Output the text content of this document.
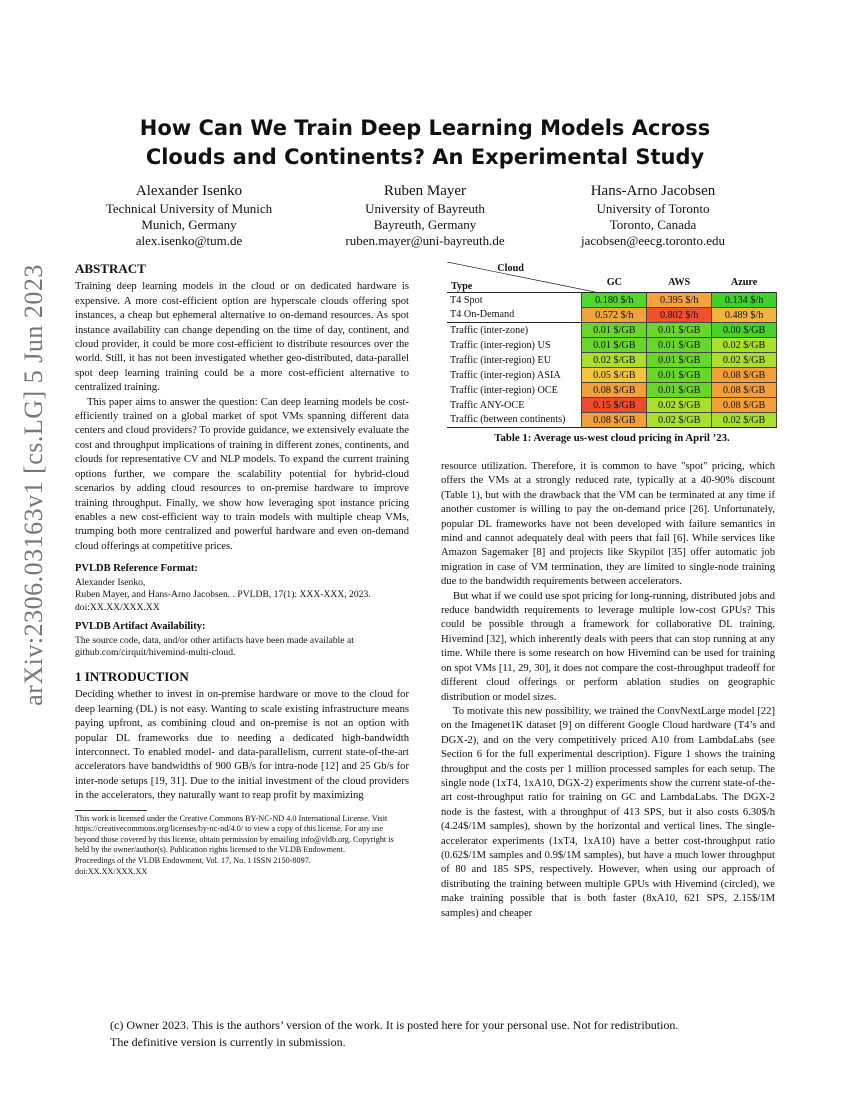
arXiv:2306.03163v1 [cs.LG] 5 Jun 2023
How Can We Train Deep Learning Models Across
Clouds and Continents? An Experimental Study
Alexander Isenko
Technical University of Munich
Munich, Germany
alex.isenko@tum.de
Ruben Mayer
University of Bayreuth
Bayreuth, Germany
ruben.mayer@uni-bayreuth.de
Hans-Arno Jacobsen
University of Toronto
Toronto, Canada
jacobsen@eecg.toronto.edu
ABSTRACT

Training deep learning models in the cloud or on dedicated hardware is expensive. A more cost-efficient option are hyperscale clouds offering spot instances, a cheap but ephemeral alternative to on-demand resources. As spot instance availability can change depending on the time of day, continent, and cloud provider, it could be more cost-efficient to distribute resources over the world. Still, it has not been investigated whether geo-distributed, data-parallel spot deep learning training could be a more cost-efficient alternative to centralized training.

This paper aims to answer the question: Can deep learning models be cost-efficiently trained on a global market of spot VMs spanning different data centers and cloud providers? To provide guidance, we extensively evaluate the cost and throughput implications of training in different zones, continents, and clouds for representative CV and NLP models. To expand the current training options further, we compare the scalability potential for hybrid-cloud scenarios by adding cloud resources to on-premise hardware to improve training throughput. Finally, we show how leveraging spot instance pricing enables a new cost-efficient way to train models with multiple cheap VMs, trumping both more centralized and powerful hardware and even on-demand cloud offerings at competitive prices.

PVLDB Reference Format:
Alexander Isenko,
Ruben Mayer, and Hans-Arno Jacobsen. . PVLDB, 17(1): XXX-XXX, 2023.
doi:XX.XX/XXX.XX
PVLDB Artifact Availability:
The source code, data, and/or other artifacts have been made available at github.com/cirquit/hivemind-multi-cloud.
1 INTRODUCTION

Deciding whether to invest in on-premise hardware or move to the cloud for deep learning (DL) is not easy. Wanting to scale existing infrastructure means paying upfront, as combining cloud and on-premise is not an option with popular DL frameworks due to needing a dedicated high-bandwidth interconnect. To enabled model- and data-parallelism, current state-of-the-art accelerators have bandwidths of 900 GB/s for intra-node [12] and 25 Gb/s for inter-node setups [19, 31]. Due to the initial investment of the cloud providers in the accelerators, they naturally want to reap profit by maximizing

This work is licensed under the Creative Commons BY-NC-ND 4.0 International License. Visit https://creativecommons.org/licenses/by-nc-nd/4.0/ to view a copy of this license. For any use beyond those covered by this license, obtain permission by emailing info@vldb.org. Copyright is held by the owner/author(s). Publication rights licensed to the VLDB Endowment.
Proceedings of the VLDB Endowment, Vol. 17, No. 1 ISSN 2150-8097.
doi:XX.XX/XXX.XX
Cloud
Type	GC	AWS	Azure
T4 Spot	0.180 $/h	0.395 $/h	0.134 $/h
T4 On-Demand	0.572 $/h	0.802 $/h	0.489 $/h
Traffic (inter-zone)	0.01 $/GB	0.01 $/GB	0.00 $/GB
Traffic (inter-region) US	0.01 $/GB	0.01 $/GB	0.02 $/GB
Traffic (inter-region) EU	0.02 $/GB	0.01 $/GB	0.02 $/GB
Traffic (inter-region) ASIA	0.05 $/GB	0.01 $/GB	0.08 $/GB
Traffic (inter-region) OCE	0.08 $/GB	0.01 $/GB	0.08 $/GB
Traffic ANY-OCE	0.15 $/GB	0.02 $/GB	0.08 $/GB
Traffic (between continents)	0.08 $/GB	0.02 $/GB	0.02 $/GB
Table 1: Average us-west cloud pricing in April ’23.

resource utilization. Therefore, it is common to have "spot" pricing, which offers the VMs at a strongly reduced rate, typically at a 40-90% discount (Table 1), but with the drawback that the VM can be terminated at any time if another customer is willing to pay the on-demand price [26]. Unfortunately, popular DL frameworks have not been developed with failure semantics in mind and cannot adequately deal with peers that fail [6]. While services like Amazon Sagemaker [8] and projects like Skypilot [35] offer automatic job migration in case of VM termination, they are limited to single-node training due to the bandwidth requirements between accelerators.

But what if we could use spot pricing for long-running, distributed jobs and reduce bandwidth requirements to leverage multiple low-cost GPUs? This could be possible through a framework for collaborative DL training, Hivemind [32], which inherently deals with peers that can stop running at any time. While there is some research on how Hivemind can be used for training on spot VMs [11, 29, 30], it does not compare the cost-throughput tradeoff for different cloud offerings or perform ablation studies on geographic distribution or model sizes.

To motivate this new possibility, we trained the ConvNextLarge model [22] on the Imagenet1K dataset [9] on different Google Cloud hardware (T4’s and DGX-2), and on the very competitively priced A10 from LambdaLabs (see Section 6 for the full experimental description). Figure 1 shows the training throughput and the costs per 1 million processed samples for each setup. The single node (1xT4, 1xA10, DGX-2) experiments show the current state-of-the-art cost-throughput ratio for training on GC and LambdaLabs. The DGX-2 node is the fastest, with a throughput of 413 SPS, but it also costs 6.30$/h (4.24$/1M samples), shown by the horizontal and vertical lines. The single-accelerator experiments (1xT4, 1xA10) have a better cost-throughput ratio (0.62$/1M samples and 0.9$/1M samples), but have a much lower throughput of 80 and 185 SPS, respectively. However, when using our approach of distributing the training between multiple GPUs with Hivemind (circled), we make training possible that is both faster (8xA10, 621 SPS, 2.15$/1M samples) and cheaper

(c) Owner 2023. This is the authors’ version of the work. It is posted here for your personal use. Not for redistribution.
The definitive version is currently in submission.
